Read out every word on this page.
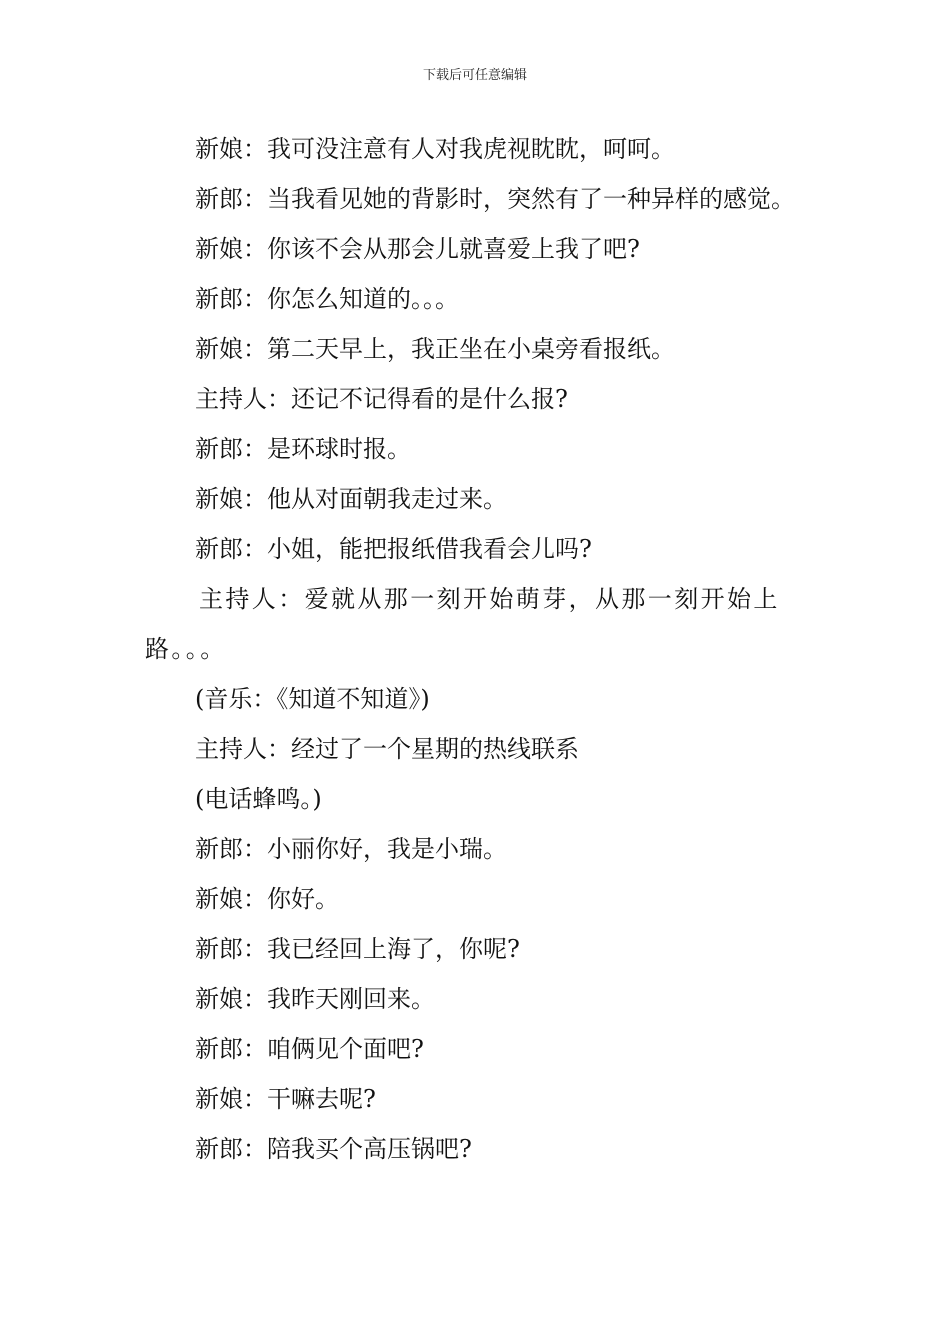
下载后可任意编辑

新娘：我可没注意有人对我虎视眈眈，呵呵。

新郎：当我看见她的背影时，突然有了一种异样的感觉。

新娘：你该不会从那会儿就喜爱上我了吧?

新郎：你怎么知道的。。。

新娘：第二天早上，我正坐在小桌旁看报纸。

主持人：还记不记得看的是什么报?

新郎：是环球时报。

新娘：他从对面朝我走过来。

新郎：小姐，能把报纸借我看会儿吗?

主持人：爱就从那一刻开始萌芽，从那一刻开始上路。。。

(音乐：《知道不知道》)

主持人：经过了一个星期的热线联系

(电话蜂鸣。)

新郎：小丽你好，我是小瑞。

新娘：你好。

新郎：我已经回上海了，你呢?

新娘：我昨天刚回来。

新郎：咱俩见个面吧?

新娘：干嘛去呢?

新郎：陪我买个高压锅吧?
